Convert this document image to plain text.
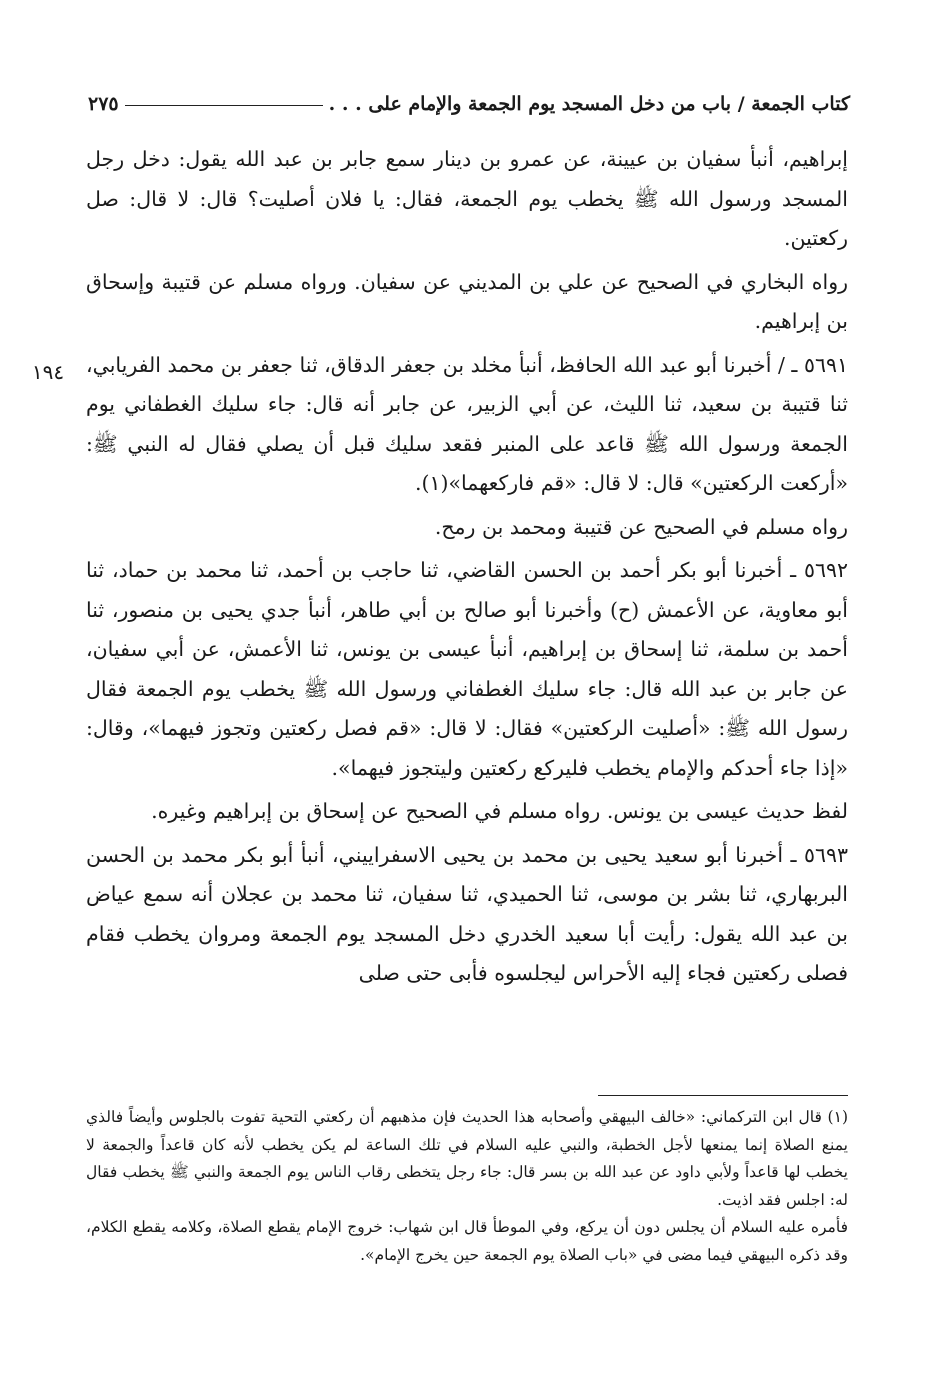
كتاب الجمعة / باب من دخل المسجد يوم الجمعة والإمام على . . .
٢٧٥
١٩٤

إبراهيم، أنبأ سفيان بن عيينة، عن عمرو بن دينار سمع جابر بن عبد الله يقول: دخل رجل المسجد ورسول الله ﷺ يخطب يوم الجمعة، فقال: يا فلان أصليت؟ قال: لا قال: صل ركعتين.

رواه البخاري في الصحيح عن علي بن المديني عن سفيان. ورواه مسلم عن قتيبة وإسحاق بن إبراهيم.

٥٦٩١ ـ / أخبرنا أبو عبد الله الحافظ، أنبأ مخلد بن جعفر الدقاق، ثنا جعفر بن محمد الفريابي، ثنا قتيبة بن سعيد، ثنا الليث، عن أبي الزبير، عن جابر أنه قال: جاء سليك الغطفاني يوم الجمعة ورسول الله ﷺ قاعد على المنبر فقعد سليك قبل أن يصلي فقال له النبي ﷺ: «أركعت الركعتين» قال: لا قال: «قم فاركعهما»(١).

رواه مسلم في الصحيح عن قتيبة ومحمد بن رمح.

٥٦٩٢ ـ أخبرنا أبو بكر أحمد بن الحسن القاضي، ثنا حاجب بن أحمد، ثنا محمد بن حماد، ثنا أبو معاوية، عن الأعمش (ح) وأخبرنا أبو صالح بن أبي طاهر، أنبأ جدي يحيى بن منصور، ثنا أحمد بن سلمة، ثنا إسحاق بن إبراهيم، أنبأ عيسى بن يونس، ثنا الأعمش، عن أبي سفيان، عن جابر بن عبد الله قال: جاء سليك الغطفاني ورسول الله ﷺ يخطب يوم الجمعة فقال رسول الله ﷺ: «أصليت الركعتين» فقال: لا قال: «قم فصل ركعتين وتجوز فيهما»، وقال: «إذا جاء أحدكم والإمام يخطب فليركع ركعتين وليتجوز فيهما».

لفظ حديث عيسى بن يونس. رواه مسلم في الصحيح عن إسحاق بن إبراهيم وغيره.

٥٦٩٣ ـ أخبرنا أبو سعيد يحيى بن محمد بن يحيى الاسفراييني، أنبأ أبو بكر محمد بن الحسن البربهاري، ثنا بشر بن موسى، ثنا الحميدي، ثنا سفيان، ثنا محمد بن عجلان أنه سمع عياض بن عبد الله يقول: رأيت أبا سعيد الخدري دخل المسجد يوم الجمعة ومروان يخطب فقام فصلى ركعتين فجاء إليه الأحراس ليجلسوه فأبى حتى صلى

(١) قال ابن التركماني: «خالف البيهقي وأصحابه هذا الحديث فإن مذهبهم أن ركعتي التحية تفوت بالجلوس وأيضاً فالذي يمنع الصلاة إنما يمنعها لأجل الخطبة، والنبي عليه السلام في تلك الساعة لم يكن يخطب لأنه كان قاعداً والجمعة لا يخطب لها قاعداً ولأبي داود عن عبد الله بن بسر قال: جاء رجل يتخطى رقاب الناس يوم الجمعة والنبي ﷺ يخطب فقال له: اجلس فقد اذيت.

فأمره عليه السلام أن يجلس دون أن يركع، وفي الموطأ قال ابن شهاب: خروج الإمام يقطع الصلاة، وكلامه يقطع الكلام، وقد ذكره البيهقي فيما مضى في «باب الصلاة يوم الجمعة حين يخرج الإمام».
